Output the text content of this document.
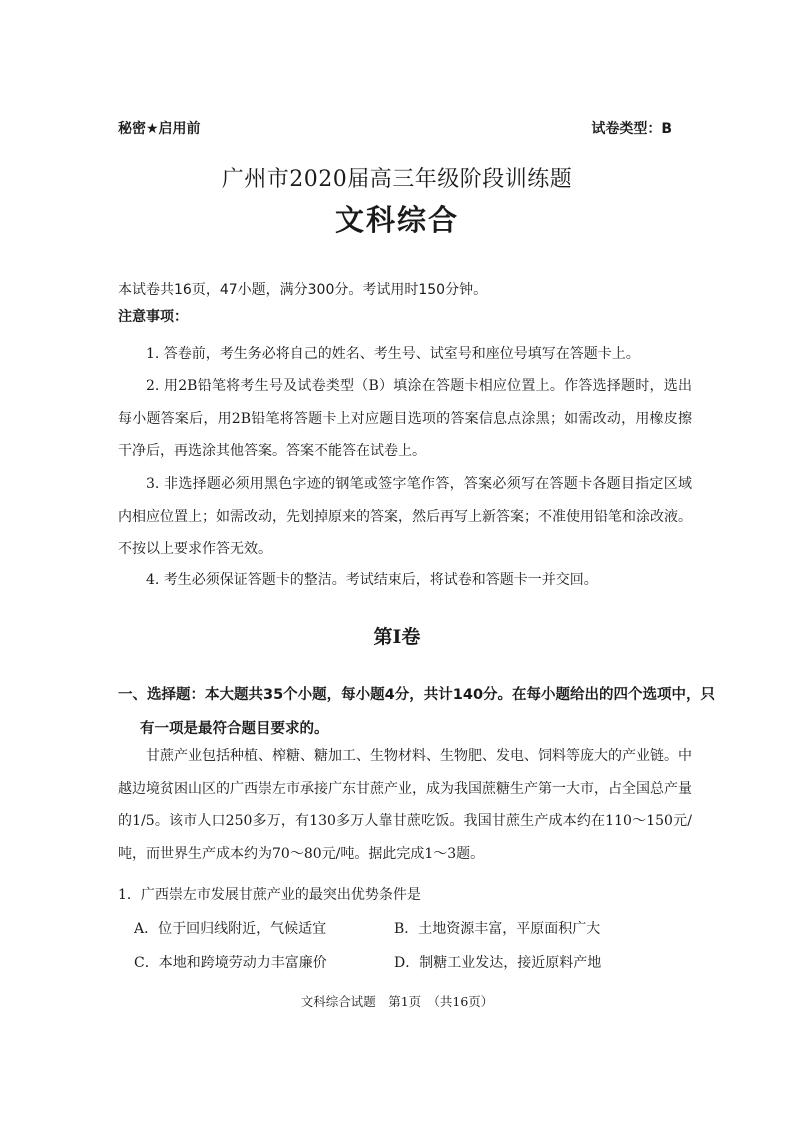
秘密★启用前	试卷类型：B
广州市2020届高三年级阶段训练题
文科综合
本试卷共16页，47小题，满分300分。考试用时150分钟。
注意事项：
1. 答卷前，考生务必将自己的姓名、考生号、试室号和座位号填写在答题卡上。
2. 用2B铅笔将考生号及试卷类型（B）填涂在答题卡相应位置上。作答选择题时，选出每小题答案后，用2B铅笔将答题卡上对应题目选项的答案信息点涂黑；如需改动，用橡皮擦干净后，再选涂其他答案。答案不能答在试卷上。
3. 非选择题必须用黑色字迹的钢笔或签字笔作答，答案必须写在答题卡各题目指定区域内相应位置上；如需改动，先划掉原来的答案，然后再写上新答案；不准使用铅笔和涂改液。不按以上要求作答无效。
4. 考生必须保证答题卡的整洁。考试结束后，将试卷和答题卡一并交回。
第Ⅰ卷
一、选择题：本大题共35个小题，每小题4分，共计140分。在每小题给出的四个选项中，只有一项是最符合题目要求的。
甘蔗产业包括种植、榨糖、糖加工、生物材料、生物肥、发电、饲料等庞大的产业链。中越边境贫困山区的广西崇左市承接广东甘蔗产业，成为我国蔗糖生产第一大市，占全国总产量的1/5。该市人口250多万，有130多万人靠甘蔗吃饭。我国甘蔗生产成本约在110～150元/吨，而世界生产成本约为70～80元/吨。据此完成1～3题。
1．广西崇左市发展甘蔗产业的最突出优势条件是
A．位于回归线附近，气候适宜	B．土地资源丰富，平原面积广大
C．本地和跨境劳动力丰富廉价	D．制糖工业发达，接近原料产地
文科综合试题　第1页　（共16页）
